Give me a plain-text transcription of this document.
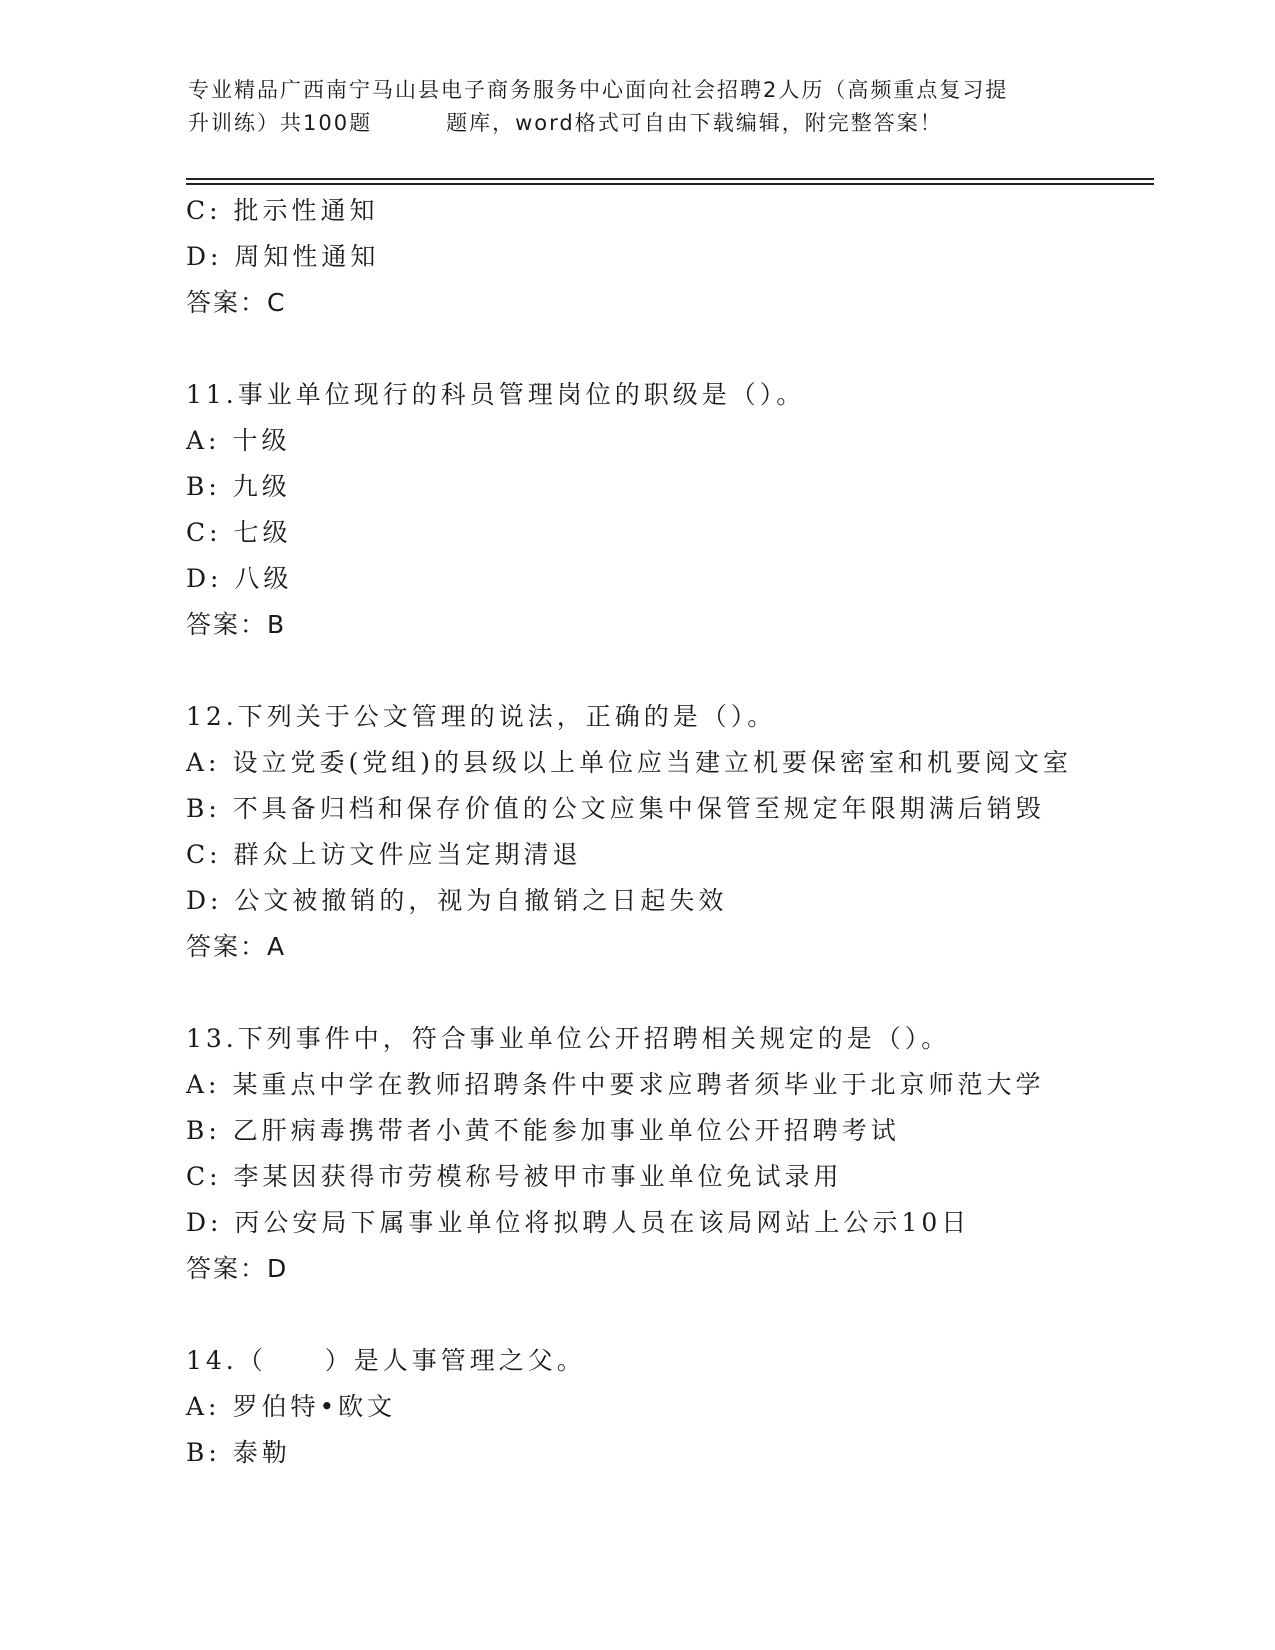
专业精品广西南宁马山县电子商务服务中心面向社会招聘2人历（高频重点复习提
升训练）共100题	题库，word格式可自由下载编辑，附完整答案！
C: 批示性通知
D: 周知性通知
答案：C
11.事业单位现行的科员管理岗位的职级是（）。
A: 十级
B: 九级
C: 七级
D: 八级
答案：B
12.下列关于公文管理的说法，正确的是（）。
A: 设立党委(党组)的县级以上单位应当建立机要保密室和机要阅文室
B: 不具备归档和保存价值的公文应集中保管至规定年限期满后销毁
C: 群众上访文件应当定期清退
D: 公文被撤销的，视为自撤销之日起失效
答案：A
13.下列事件中，符合事业单位公开招聘相关规定的是（）。
A: 某重点中学在教师招聘条件中要求应聘者须毕业于北京师范大学
B: 乙肝病毒携带者小黄不能参加事业单位公开招聘考试
C: 李某因获得市劳模称号被甲市事业单位免试录用
D: 丙公安局下属事业单位将拟聘人员在该局网站上公示10日
答案：D
14.（　　）是人事管理之父。
A: 罗伯特•欧文
B: 泰勒
